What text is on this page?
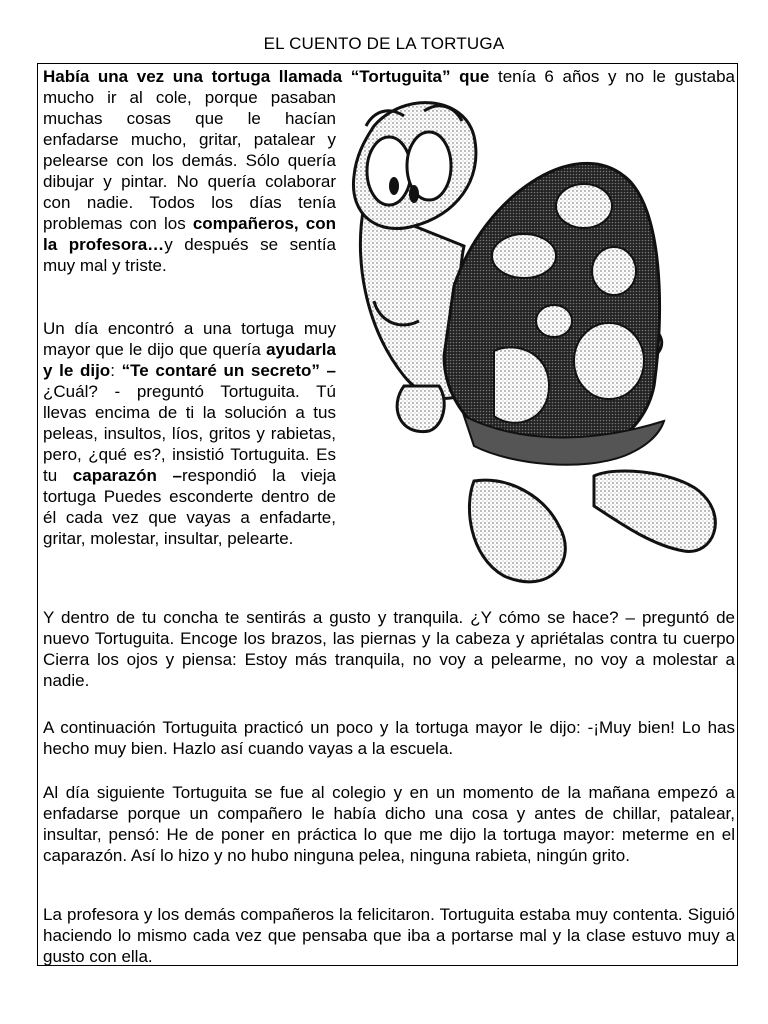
EL CUENTO DE LA TORTUGA
Había una vez una tortuga llamada “Tortuguita” que tenía 6 años y no le gustaba
mucho ir al cole, porque pasaban muchas cosas que le hacían enfadarse mucho, gritar, patalear y pelearse con los demás. Sólo quería dibujar y pintar. No quería colaborar con nadie. Todos los días tenía problemas con los compañeros, con la profesora…y después se sentía muy mal y triste.
Un día encontró a una tortuga muy mayor que le dijo que quería ayudarla y le dijo: “Te contaré un secreto” – ¿Cuál? - preguntó Tortuguita. Tú llevas encima de ti la solución a tus peleas, insultos, líos, gritos y rabietas, pero, ¿qué es?, insistió Tortuguita. Es tu caparazón –respondió la vieja tortuga Puedes esconderte dentro de él cada vez que vayas a enfadarte, gritar, molestar, insultar, pelearte.
Y dentro de tu concha te sentirás a gusto y tranquila. ¿Y cómo se hace? – preguntó de nuevo Tortuguita. Encoge los brazos, las piernas y la cabeza y apriétalas contra tu cuerpo Cierra los ojos y piensa: Estoy más tranquila, no voy a pelearme, no voy a molestar a nadie.
A continuación Tortuguita practicó un poco y la tortuga mayor le dijo: -¡Muy bien! Lo has hecho muy bien. Hazlo así cuando vayas a la escuela.
Al día siguiente Tortuguita se fue al colegio y en un momento de la mañana empezó a enfadarse porque un compañero le había dicho una cosa y antes de chillar, patalear, insultar, pensó: He de poner en práctica lo que me dijo la tortuga mayor: meterme en el caparazón. Así lo hizo y no hubo ninguna pelea, ninguna rabieta, ningún grito.
La profesora y los demás compañeros la felicitaron. Tortuguita estaba muy contenta. Siguió haciendo lo mismo cada vez que pensaba que iba a portarse mal y la clase estuvo muy a gusto con ella.
